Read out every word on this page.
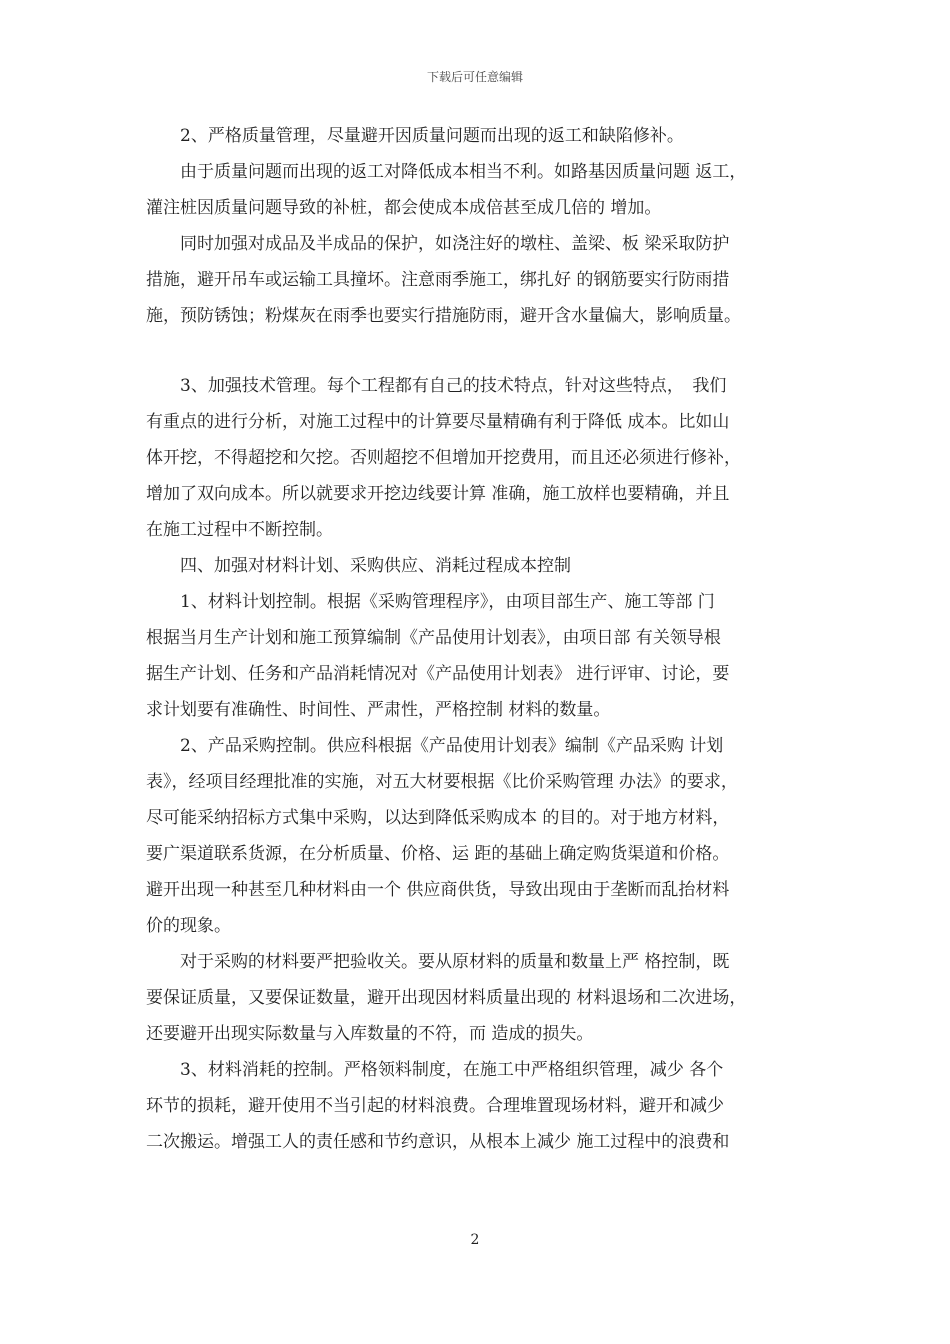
下载后可任意编辑
　　2、严格质量管理，尽量避开因质量问题而出现的返工和缺陷修补。
　　由于质量问题而出现的返工对降低成本相当不利。如路基因质量问题 返工，
灌注桩因质量问题导致的补桩，都会使成本成倍甚至成几倍的 增加。
　　同时加强对成品及半成品的保护，如浇注好的墩柱、盖梁、板 梁采取防护
措施，避开吊车或运输工具撞坏。注意雨季施工，绑扎好 的钢筋要实行防雨措
施，预防锈蚀；粉煤灰在雨季也要实行措施防雨，避开含水量偏大，影响质量。
　　3、加强技术管理。每个工程都有自己的技术特点，针对这些特点，　我们
有重点的进行分析，对施工过程中的计算要尽量精确有利于降低 成本。比如山
体开挖，不得超挖和欠挖。否则超挖不但增加开挖费用，而且还必须进行修补，
增加了双向成本。所以就要求开挖边线要计算 准确，施工放样也要精确，并且
在施工过程中不断控制。
　　四、加强对材料计划、采购供应、消耗过程成本控制
　　1、材料计划控制。根据《采购管理程序》，由项目部生产、施工等部 门
根据当月生产计划和施工预算编制《产品使用计划表》，由项日部 有关领导根
据生产计划、任务和产品消耗情况对《产品使用计划表》 进行评审、讨论，要
求计划要有准确性、时间性、严肃性，严格控制 材料的数量。
　　2、产品采购控制。供应科根据《产品使用计划表》编制《产品采购 计划
表》，经项目经理批准的实施，对五大材要根据《比价采购管理 办法》的要求，
尽可能采纳招标方式集中采购，以达到降低采购成本 的目的。对于地方材料，
要广渠道联系货源，在分析质量、价格、运 距的基础上确定购货渠道和价格。
避开出现一种甚至几种材料由一个 供应商供货，导致出现由于垄断而乱抬材料
价的现象。
　　对于采购的材料要严把验收关。要从原材料的质量和数量上严 格控制，既
要保证质量，又要保证数量，避开出现因材料质量出现的 材料退场和二次进场，
还要避开出现实际数量与入库数量的不符，而 造成的损失。
　　3、材料消耗的控制。严格领料制度，在施工中严格组织管理，减少 各个
环节的损耗，避开使用不当引起的材料浪费。合理堆置现场材料，避开和减少
二次搬运。增强工人的责任感和节约意识，从根本上减少 施工过程中的浪费和
2
